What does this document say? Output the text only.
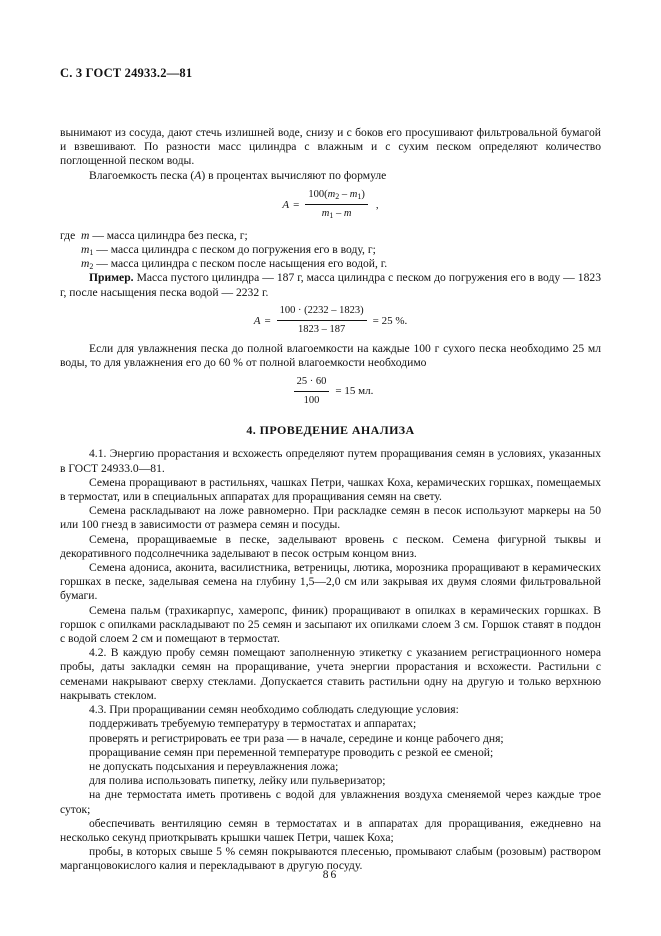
С. 3 ГОСТ 24933.2—81

вынимают из сосуда, дают стечь излишней воде, снизу и с боков его просушивают фильтровальной бумагой и взвешивают. По разности масс цилиндра с влажным и с сухим песком определяют количество поглощенной песком воды.

Влагоемкость песка (А) в процентах вычисляют по формуле

$А = \frac{100(m_2 - m_1)}{m_1 - m}$ ,
где m — масса цилиндра без песка, г;
$m_1$ — масса цилиндра с песком до погружения его в воду, г;
$m_2$ — масса цилиндра с песком после насыщения его водой, г.

Пример. Масса пустого цилиндра — 187 г, масса цилиндра с песком до погружения его в воду — 1823 г, после насыщения песка водой — 2232 г.

$А = \frac{100 \cdot (2232 - 1823)}{1823 - 187} = 25$ %.

Если для увлажнения песка до полной влагоемкости на каждые 100 г сухого песка необходимо 25 мл воды, то для увлажнения его до 60 % от полной влагоемкости необходимо

$\frac{25 \cdot 60}{100} = 15$ мл.
4. ПРОВЕДЕНИЕ АНАЛИЗА

4.1. Энергию прорастания и всхожесть определяют путем проращивания семян в условиях, указанных в ГОСТ 24933.0—81.

Семена проращивают в растильнях, чашках Петри, чашках Коха, керамических горшках, помещаемых в термостат, или в специальных аппаратах для проращивания семян на свету.

Семена раскладывают на ложе равномерно. При раскладке семян в песок используют маркеры на 50 или 100 гнезд в зависимости от размера семян и посуды.

Семена, проращиваемые в песке, заделывают вровень с песком. Семена фигурной тыквы и декоративного подсолнечника заделывают в песок острым концом вниз.

Семена адониса, аконита, василистника, ветреницы, лютика, морозника проращивают в керамических горшках в песке, заделывая семена на глубину 1,5—2,0 см или закрывая их двумя слоями фильтровальной бумаги.

Семена пальм (трахикарпус, хамеропс, финик) проращивают в опилках в керамических горшках. В горшок с опилками раскладывают по 25 семян и засыпают их опилками слоем 3 см. Горшок ставят в поддон с водой слоем 2 см и помещают в термостат.

4.2. В каждую пробу семян помещают заполненную этикетку с указанием регистрационного номера пробы, даты закладки семян на проращивание, учета энергии прорастания и всхожести. Растильни с семенами накрывают сверху стеклами. Допускается ставить растильни одну на другую и только верхнюю накрывать стеклом.

4.3. При проращивании семян необходимо соблюдать следующие условия:

поддерживать требуемую температуру в термостатах и аппаратах;

проверять и регистрировать ее три раза — в начале, середине и конце рабочего дня;

проращивание семян при переменной температуре проводить с резкой ее сменой;

не допускать подсыхания и переувлажнения ложа;

для полива использовать пипетку, лейку или пульверизатор;

на дне термостата иметь противень с водой для увлажнения воздуха сменяемой через каждые трое суток;

обеспечивать вентиляцию семян в термостатах и в аппаратах для проращивания, ежедневно на несколько секунд приоткрывать крышки чашек Петри, чашек Коха;

пробы, в которых свыше 5 % семян покрываются плесенью, промывают слабым (розовым) раствором марганцовокислого калия и перекладывают в другую посуду.

86
